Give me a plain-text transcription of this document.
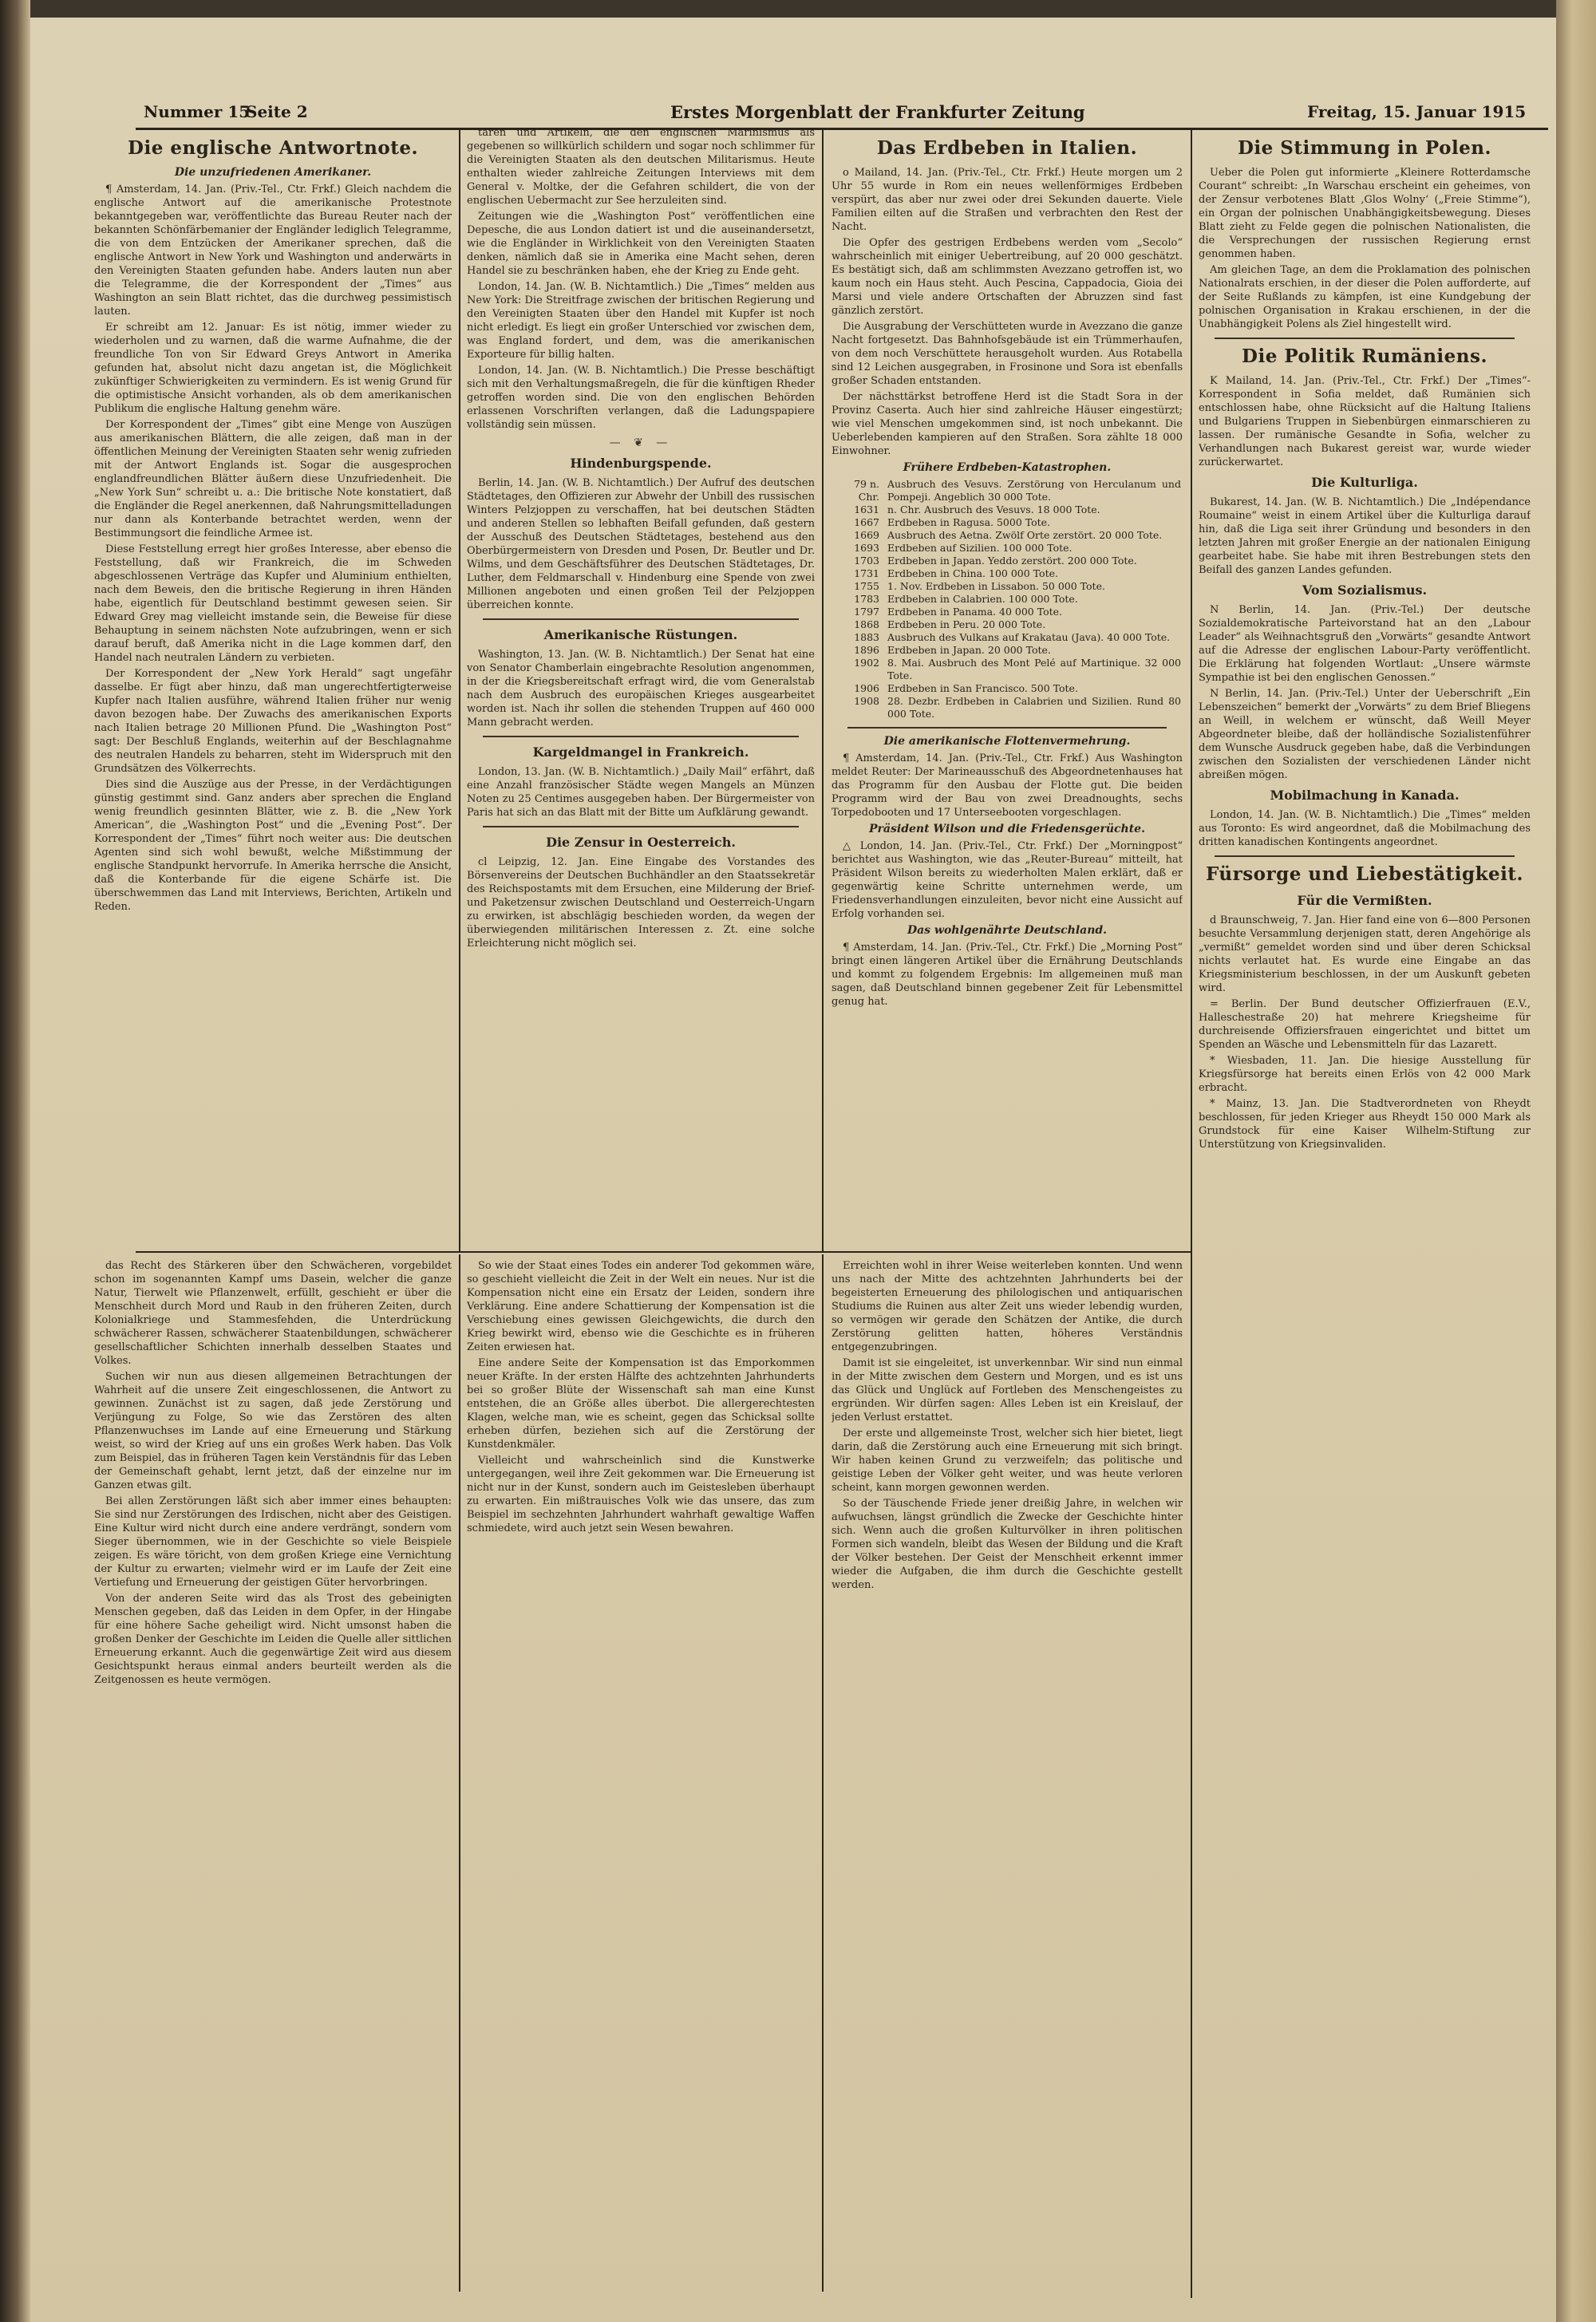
Nummer 15
Seite 2	Erstes Morgenblatt der Frankfurter Zeitung	Freitag, 15. Januar 1915
Die englische Antwortnote.
Die unzufriedenen Amerikaner.

¶ Amsterdam, 14. Jan. (Priv.-Tel., Ctr. Frkf.) Gleich nachdem die englische Antwort auf die amerikanische Protestnote bekanntgegeben war, veröffentlichte das Bureau Reuter nach der bekannten Schönfärbemanier der Engländer lediglich Telegramme, die von dem Entzücken der Amerikaner sprechen, daß die englische Antwort in New York und Washington und anderwärts in den Vereinigten Staaten gefunden habe. Anders lauten nun aber die Telegramme, die der Korrespondent der „Times“ aus Washington an sein Blatt richtet, das die durchweg pessimistisch lauten.

Er schreibt am 12. Januar: Es ist nötig, immer wieder zu wiederholen und zu warnen, daß die warme Aufnahme, die der freundliche Ton von Sir Edward Greys Antwort in Amerika gefunden hat, absolut nicht dazu angetan ist, die Möglichkeit zukünftiger Schwierigkeiten zu vermindern. Es ist wenig Grund für die optimistische Ansicht vorhanden, als ob dem amerikanischen Publikum die englische Haltung genehm wäre.

Der Korrespondent der „Times“ gibt eine Menge von Auszügen aus amerikanischen Blättern, die alle zeigen, daß man in der öffentlichen Meinung der Vereinigten Staaten sehr wenig zufrieden mit der Antwort Englands ist. Sogar die ausgesprochen englandfreundlichen Blätter äußern diese Unzufriedenheit. Die „New York Sun“ schreibt u. a.: Die britische Note konstatiert, daß die Engländer die Regel anerkennen, daß Nahrungsmittelladungen nur dann als Konterbande betrachtet werden, wenn der Bestimmungsort die feindliche Armee ist.

Diese Feststellung erregt hier großes Interesse, aber ebenso die Feststellung, daß wir Frankreich, die im Schweden abgeschlossenen Verträge das Kupfer und Aluminium enthielten, nach dem Beweis, den die britische Regierung in ihren Händen habe, eigentlich für Deutschland bestimmt gewesen seien. Sir Edward Grey mag vielleicht imstande sein, die Beweise für diese Behauptung in seinem nächsten Note aufzubringen, wenn er sich darauf beruft, daß Amerika nicht in die Lage kommen darf, den Handel nach neutralen Ländern zu verbieten.

Der Korrespondent der „New York Herald“ sagt ungefähr dasselbe. Er fügt aber hinzu, daß man ungerechtfertigterweise Kupfer nach Italien ausführe, während Italien früher nur wenig davon bezogen habe. Der Zuwachs des amerikanischen Exports nach Italien betrage 20 Millionen Pfund. Die „Washington Post“ sagt: Der Beschluß Englands, weiterhin auf der Beschlagnahme des neutralen Handels zu beharren, steht im Widerspruch mit den Grundsätzen des Völkerrechts.

Dies sind die Auszüge aus der Presse, in der Verdächtigungen günstig gestimmt sind. Ganz anders aber sprechen die England wenig freundlich gesinnten Blätter, wie z. B. die „New York American“, die „Washington Post“ und die „Evening Post“. Der Korrespondent der „Times“ führt noch weiter aus: Die deutschen Agenten sind sich wohl bewußt, welche Mißstimmung der englische Standpunkt hervorrufe. In Amerika herrsche die Ansicht, daß die Konterbande für die eigene Schärfe ist. Die überschwemmen das Land mit Interviews, Berichten, Artikeln und Reden.

taren und Artikeln, die den englischen Marinismus als gegebenen so willkürlich schildern und sogar noch schlimmer für die Vereinigten Staaten als den deutschen Militarismus. Heute enthalten wieder zahlreiche Zeitungen Interviews mit dem General v. Moltke, der die Gefahren schildert, die von der englischen Uebermacht zur See herzuleiten sind.

Zeitungen wie die „Washington Post“ veröffentlichen eine Depesche, die aus London datiert ist und die auseinandersetzt, wie die Engländer in Wirklichkeit von den Vereinigten Staaten denken, nämlich daß sie in Amerika eine Macht sehen, deren Handel sie zu beschränken haben, ehe der Krieg zu Ende geht.

London, 14. Jan. (W. B. Nichtamtlich.) Die „Times“ melden aus New York: Die Streitfrage zwischen der britischen Regierung und den Vereinigten Staaten über den Handel mit Kupfer ist noch nicht erledigt. Es liegt ein großer Unterschied vor zwischen dem, was England fordert, und dem, was die amerikanischen Exporteure für billig halten.

London, 14. Jan. (W. B. Nichtamtlich.) Die Presse beschäftigt sich mit den Verhaltungsmaßregeln, die für die künftigen Rheder getroffen worden sind. Die von den englischen Behörden erlassenen Vorschriften verlangen, daß die Ladungspapiere vollständig sein müssen.

— ❦ —
Hindenburgspende.

Berlin, 14. Jan. (W. B. Nichtamtlich.) Der Aufruf des deutschen Städtetages, den Offizieren zur Abwehr der Unbill des russischen Winters Pelzjoppen zu verschaffen, hat bei deutschen Städten und anderen Stellen so lebhaften Beifall gefunden, daß gestern der Ausschuß des Deutschen Städtetages, bestehend aus den Oberbürgermeistern von Dresden und Posen, Dr. Beutler und Dr. Wilms, und dem Geschäftsführer des Deutschen Städtetages, Dr. Luther, dem Feldmarschall v. Hindenburg eine Spende von zwei Millionen angeboten und einen großen Teil der Pelzjoppen überreichen konnte.

Amerikanische Rüstungen.

Washington, 13. Jan. (W. B. Nichtamtlich.) Der Senat hat eine von Senator Chamberlain eingebrachte Resolution angenommen, in der die Kriegsbereitschaft erfragt wird, die vom Generalstab nach dem Ausbruch des europäischen Krieges ausgearbeitet worden ist. Nach ihr sollen die stehenden Truppen auf 460 000 Mann gebracht werden.

Kargeldmangel in Frankreich.

London, 13. Jan. (W. B. Nichtamtlich.) „Daily Mail“ erfährt, daß eine Anzahl französischer Städte wegen Mangels an Münzen Noten zu 25 Centimes ausgegeben haben. Der Bürgermeister von Paris hat sich an das Blatt mit der Bitte um Aufklärung gewandt.

Die Zensur in Oesterreich.

cl Leipzig, 12. Jan. Eine Eingabe des Vorstandes des Börsenvereins der Deutschen Buchhändler an den Staatssekretär des Reichspostamts mit dem Ersuchen, eine Milderung der Brief- und Paketzensur zwischen Deutschland und Oesterreich-Ungarn zu erwirken, ist abschlägig beschieden worden, da wegen der überwiegenden militärischen Interessen z. Zt. eine solche Erleichterung nicht möglich sei.

Das Erdbeben in Italien.

o Mailand, 14. Jan. (Priv.-Tel., Ctr. Frkf.) Heute morgen um 2 Uhr 55 wurde in Rom ein neues wellenförmiges Erdbeben verspürt, das aber nur zwei oder drei Sekunden dauerte. Viele Familien eilten auf die Straßen und verbrachten den Rest der Nacht.

Die Opfer des gestrigen Erdbebens werden vom „Secolo“ wahrscheinlich mit einiger Uebertreibung, auf 20 000 geschätzt. Es bestätigt sich, daß am schlimmsten Avezzano getroffen ist, wo kaum noch ein Haus steht. Auch Pescina, Cappadocia, Gioia dei Marsi und viele andere Ortschaften der Abruzzen sind fast gänzlich zerstört.

Die Ausgrabung der Verschütteten wurde in Avezzano die ganze Nacht fortgesetzt. Das Bahnhofsgebäude ist ein Trümmerhaufen, von dem noch Verschüttete herausgeholt wurden. Aus Rotabella sind 12 Leichen ausgegraben, in Frosinone und Sora ist ebenfalls großer Schaden entstanden.

Der nächsttärkst betroffene Herd ist die Stadt Sora in der Provinz Caserta. Auch hier sind zahlreiche Häuser eingestürzt; wie viel Menschen umgekommen sind, ist noch unbekannt. Die Ueberlebenden kampieren auf den Straßen. Sora zählte 18 000 Einwohner.

Frühere Erdbeben-Katastrophen.
79 n. Chr.	Ausbruch des Vesuvs. Zerstörung von Herculanum und Pompeji. Angeblich 30 000 Tote.
1631	n. Chr. Ausbruch des Vesuvs. 18 000 Tote.
1667	Erdbeben in Ragusa. 5000 Tote.
1669	Ausbruch des Aetna. Zwölf Orte zerstört. 20 000 Tote.
1693	Erdbeben auf Sizilien. 100 000 Tote.
1703	Erdbeben in Japan. Yeddo zerstört. 200 000 Tote.
1731	Erdbeben in China. 100 000 Tote.
1755	1. Nov. Erdbeben in Lissabon. 50 000 Tote.
1783	Erdbeben in Calabrien. 100 000 Tote.
1797	Erdbeben in Panama. 40 000 Tote.
1868	Erdbeben in Peru. 20 000 Tote.
1883	Ausbruch des Vulkans auf Krakatau (Java). 40 000 Tote.
1896	Erdbeben in Japan. 20 000 Tote.
1902	8. Mai. Ausbruch des Mont Pelé auf Martinique. 32 000 Tote.
1906	Erdbeben in San Francisco. 500 Tote.
1908	28. Dezbr. Erdbeben in Calabrien und Sizilien. Rund 80 000 Tote.
Die amerikanische Flottenvermehrung.

¶ Amsterdam, 14. Jan. (Priv.-Tel., Ctr. Frkf.) Aus Washington meldet Reuter: Der Marineausschuß des Abgeordnetenhauses hat das Programm für den Ausbau der Flotte gut. Die beiden Programm wird der Bau von zwei Dreadnoughts, sechs Torpedobooten und 17 Unterseebooten vorgeschlagen.

Präsident Wilson und die Friedensgerüchte.

△ London, 14. Jan. (Priv.-Tel., Ctr. Frkf.) Der „Morningpost“ berichtet aus Washington, wie das „Reuter-Bureau“ mitteilt, hat Präsident Wilson bereits zu wiederholten Malen erklärt, daß er gegenwärtig keine Schritte unternehmen werde, um Friedensverhandlungen einzuleiten, bevor nicht eine Aussicht auf Erfolg vorhanden sei.

Das wohlgenährte Deutschland.

¶ Amsterdam, 14. Jan. (Priv.-Tel., Ctr. Frkf.) Die „Morning Post“ bringt einen längeren Artikel über die Ernährung Deutschlands und kommt zu folgendem Ergebnis: Im allgemeinen muß man sagen, daß Deutschland binnen gegebener Zeit für Lebensmittel genug hat.

Die Stimmung in Polen.

Ueber die Polen gut informierte „Kleinere Rotterdamsche Courant“ schreibt: „In Warschau erscheint ein geheimes, von der Zensur verbotenes Blatt ‚Glos Wolny‘ („Freie Stimme“), ein Organ der polnischen Unabhängigkeitsbewegung. Dieses Blatt zieht zu Felde gegen die polnischen Nationalisten, die die Versprechungen der russischen Regierung ernst genommen haben.

Am gleichen Tage, an dem die Proklamation des polnischen Nationalrats erschien, in der dieser die Polen aufforderte, auf der Seite Rußlands zu kämpfen, ist eine Kundgebung der polnischen Organisation in Krakau erschienen, in der die Unabhängigkeit Polens als Ziel hingestellt wird.

Die Politik Rumäniens.

K Mailand, 14. Jan. (Priv.-Tel., Ctr. Frkf.) Der „Times“-Korrespondent in Sofia meldet, daß Rumänien sich entschlossen habe, ohne Rücksicht auf die Haltung Italiens und Bulgariens Truppen in Siebenbürgen einmarschieren zu lassen. Der rumänische Gesandte in Sofia, welcher zu Verhandlungen nach Bukarest gereist war, wurde wieder zurückerwartet.

Die Kulturliga.

Bukarest, 14. Jan. (W. B. Nichtamtlich.) Die „Indépendance Roumaine“ weist in einem Artikel über die Kulturliga darauf hin, daß die Liga seit ihrer Gründung und besonders in den letzten Jahren mit großer Energie an der nationalen Einigung gearbeitet habe. Sie habe mit ihren Bestrebungen stets den Beifall des ganzen Landes gefunden.

Vom Sozialismus.

N Berlin, 14. Jan. (Priv.-Tel.) Der deutsche Sozialdemokratische Parteivorstand hat an den „Labour Leader“ als Weihnachtsgruß den „Vorwärts“ gesandte Antwort auf die Adresse der englischen Labour-Party veröffentlicht. Die Erklärung hat folgenden Wortlaut: „Unsere wärmste Sympathie ist bei den englischen Genossen.“

N Berlin, 14. Jan. (Priv.-Tel.) Unter der Ueberschrift „Ein Lebenszeichen“ bemerkt der „Vorwärts“ zu dem Brief Bliegens an Weill, in welchem er wünscht, daß Weill Meyer Abgeordneter bleibe, daß der holländische Sozialistenführer dem Wunsche Ausdruck gegeben habe, daß die Verbindungen zwischen den Sozialisten der verschiedenen Länder nicht abreißen mögen.

Mobilmachung in Kanada.

London, 14. Jan. (W. B. Nichtamtlich.) Die „Times“ melden aus Toronto: Es wird angeordnet, daß die Mobilmachung des dritten kanadischen Kontingents angeordnet.

Fürsorge und Liebestätigkeit.
Für die Vermißten.

d Braunschweig, 7. Jan. Hier fand eine von 6—800 Personen besuchte Versammlung derjenigen statt, deren Angehörige als „vermißt“ gemeldet worden sind und über deren Schicksal nichts verlautet hat. Es wurde eine Eingabe an das Kriegsministerium beschlossen, in der um Auskunft gebeten wird.

= Berlin. Der Bund deutscher Offizierfrauen (E.V., Halleschestraße 20) hat mehrere Kriegsheime für durchreisende Offiziersfrauen eingerichtet und bittet um Spenden an Wäsche und Lebensmitteln für das Lazarett.

* Wiesbaden, 11. Jan. Die hiesige Ausstellung für Kriegsfürsorge hat bereits einen Erlös von 42 000 Mark erbracht.

* Mainz, 13. Jan. Die Stadtverordneten von Rheydt beschlossen, für jeden Krieger aus Rheydt 150 000 Mark als Grundstock für eine Kaiser Wilhelm-Stiftung zur Unterstützung von Kriegsinvaliden.

das Recht des Stärkeren über den Schwächeren, vorgebildet schon im sogenannten Kampf ums Dasein, welcher die ganze Natur, Tierwelt wie Pflanzenwelt, erfüllt, geschieht er über die Menschheit durch Mord und Raub in den früheren Zeiten, durch Kolonialkriege und Stammesfehden, die Unterdrückung schwächerer Rassen, schwächerer Staatenbildungen, schwächerer gesellschaftlicher Schichten innerhalb desselben Staates und Volkes.

Suchen wir nun aus diesen allgemeinen Betrachtungen der Wahrheit auf die unsere Zeit eingeschlossenen, die Antwort zu gewinnen. Zunächst ist zu sagen, daß jede Zerstörung und Verjüngung zu Folge, So wie das Zerstören des alten Pflanzenwuchses im Lande auf eine Erneuerung und Stärkung weist, so wird der Krieg auf uns ein großes Werk haben. Das Volk zum Beispiel, das in früheren Tagen kein Verständnis für das Leben der Gemeinschaft gehabt, lernt jetzt, daß der einzelne nur im Ganzen etwas gilt.

Bei allen Zerstörungen läßt sich aber immer eines behaupten: Sie sind nur Zerstörungen des Irdischen, nicht aber des Geistigen. Eine Kultur wird nicht durch eine andere verdrängt, sondern vom Sieger übernommen, wie in der Geschichte so viele Beispiele zeigen. Es wäre töricht, von dem großen Kriege eine Vernichtung der Kultur zu erwarten; vielmehr wird er im Laufe der Zeit eine Vertiefung und Erneuerung der geistigen Güter hervorbringen.

Von der anderen Seite wird das als Trost des gebeinigten Menschen gegeben, daß das Leiden in dem Opfer, in der Hingabe für eine höhere Sache geheiligt wird. Nicht umsonst haben die großen Denker der Geschichte im Leiden die Quelle aller sittlichen Erneuerung erkannt. Auch die gegenwärtige Zeit wird aus diesem Gesichtspunkt heraus einmal anders beurteilt werden als die Zeitgenossen es heute vermögen.

So wie der Staat eines Todes ein anderer Tod gekommen wäre, so geschieht vielleicht die Zeit in der Welt ein neues. Nur ist die Kompensation nicht eine ein Ersatz der Leiden, sondern ihre Verklärung. Eine andere Schattierung der Kompensation ist die Verschiebung eines gewissen Gleichgewichts, die durch den Krieg bewirkt wird, ebenso wie die Geschichte es in früheren Zeiten erwiesen hat.

Eine andere Seite der Kompensation ist das Emporkommen neuer Kräfte. In der ersten Hälfte des achtzehnten Jahrhunderts bei so großer Blüte der Wissenschaft sah man eine Kunst entstehen, die an Größe alles überbot. Die allergerechtesten Klagen, welche man, wie es scheint, gegen das Schicksal sollte erheben dürfen, beziehen sich auf die Zerstörung der Kunstdenkmäler.

Vielleicht und wahrscheinlich sind die Kunstwerke untergegangen, weil ihre Zeit gekommen war. Die Erneuerung ist nicht nur in der Kunst, sondern auch im Geistesleben überhaupt zu erwarten. Ein mißtrauisches Volk wie das unsere, das zum Beispiel im sechzehnten Jahrhundert wahrhaft gewaltige Waffen schmiedete, wird auch jetzt sein Wesen bewahren.

Erreichten wohl in ihrer Weise weiterleben konnten. Und wenn uns nach der Mitte des achtzehnten Jahrhunderts bei der begeisterten Erneuerung des philologischen und antiquarischen Studiums die Ruinen aus alter Zeit uns wieder lebendig wurden, so vermögen wir gerade den Schätzen der Antike, die durch Zerstörung gelitten hatten, höheres Verständnis entgegenzubringen.

Damit ist sie eingeleitet, ist unverkennbar. Wir sind nun einmal in der Mitte zwischen dem Gestern und Morgen, und es ist uns das Glück und Unglück auf Fortleben des Menschengeistes zu ergründen. Wir dürfen sagen: Alles Leben ist ein Kreislauf, der jeden Verlust erstattet.

Der erste und allgemeinste Trost, welcher sich hier bietet, liegt darin, daß die Zerstörung auch eine Erneuerung mit sich bringt. Wir haben keinen Grund zu verzweifeln; das politische und geistige Leben der Völker geht weiter, und was heute verloren scheint, kann morgen gewonnen werden.

So der Täuschende Friede jener dreißig Jahre, in welchen wir aufwuchsen, längst gründlich die Zwecke der Geschichte hinter sich. Wenn auch die großen Kulturvölker in ihren politischen Formen sich wandeln, bleibt das Wesen der Bildung und die Kraft der Völker bestehen. Der Geist der Menschheit erkennt immer wieder die Aufgaben, die ihm durch die Geschichte gestellt werden.
